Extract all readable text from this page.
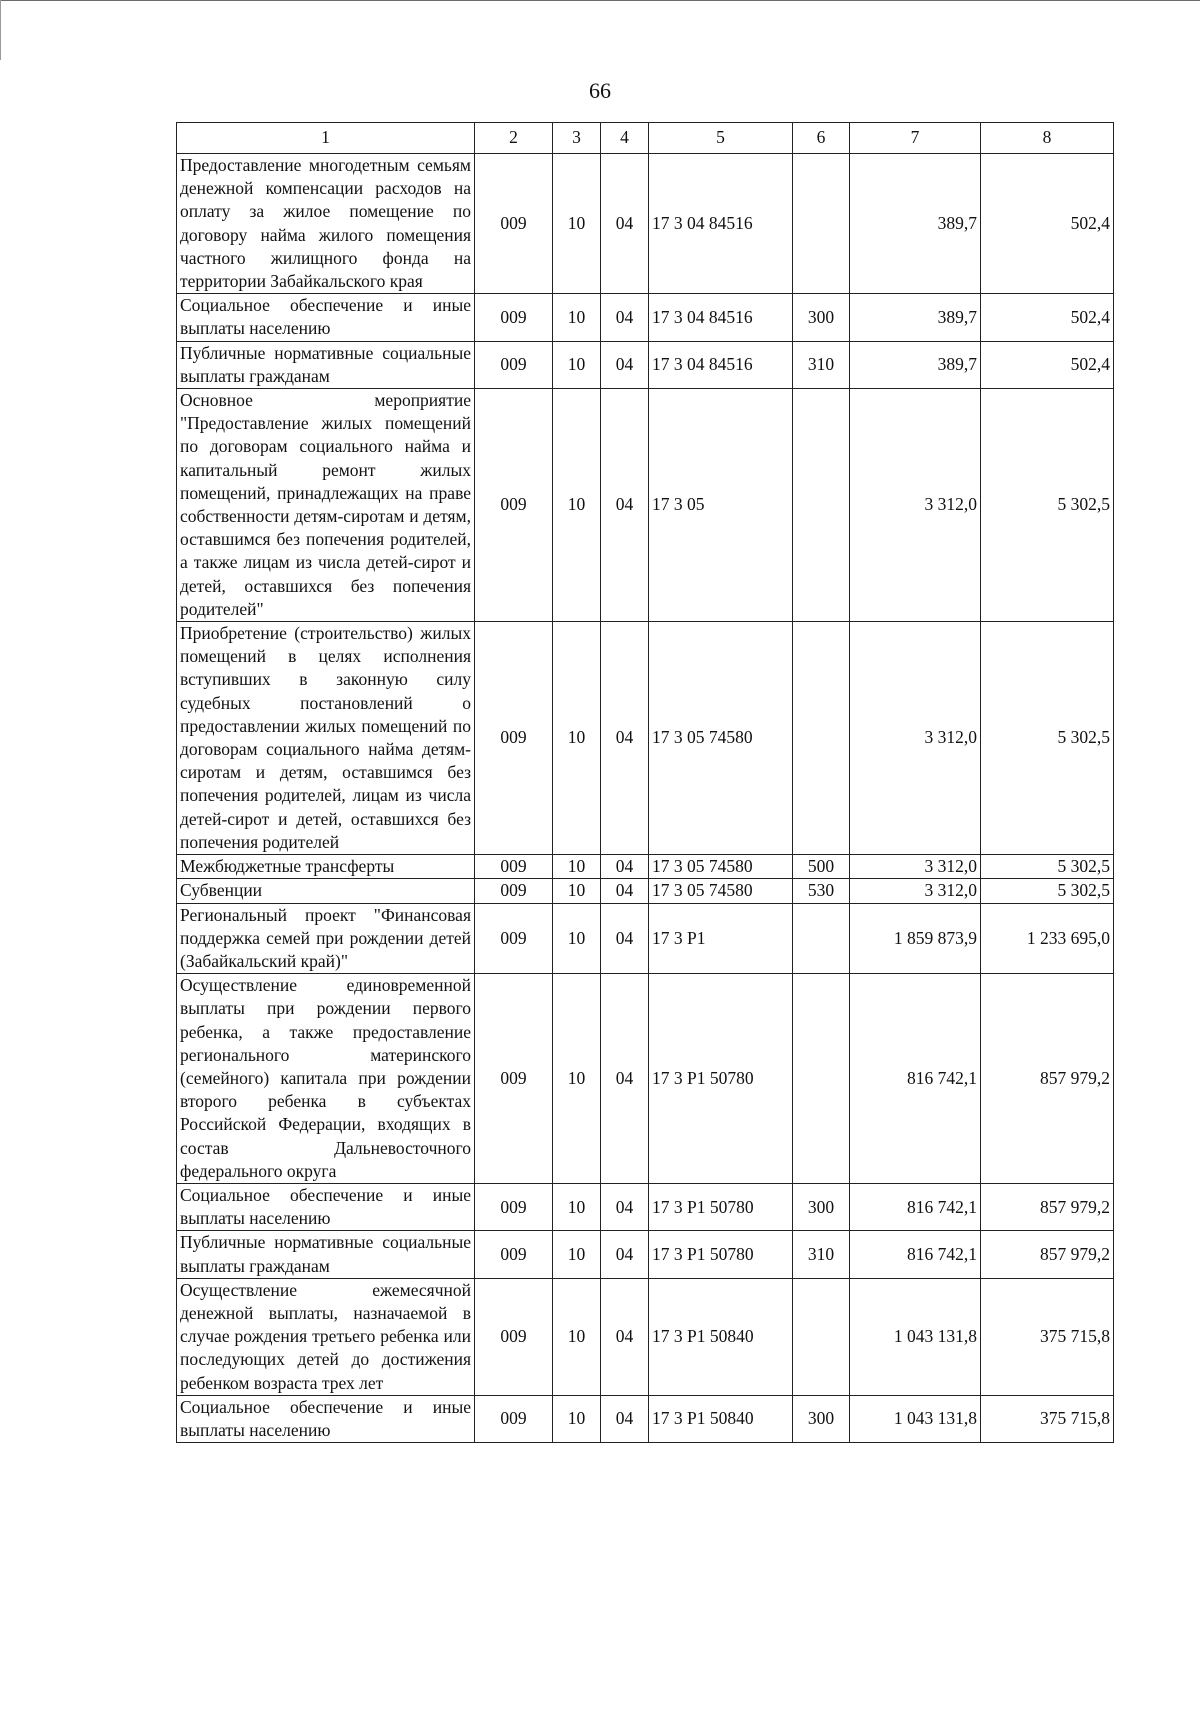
66
1	2	3	4	5	6	7	8
Предоставление многодетным семьям денежной компенсации расходов на оплату за жилое помещение по договору найма жилого помещения частного жилищного фонда на территории Забайкальского края	009	10	04	17 3 04 84516		389,7	502,4
Социальное обеспечение и иные выплаты населению	009	10	04	17 3 04 84516	300	389,7	502,4
Публичные нормативные социальные выплаты гражданам	009	10	04	17 3 04 84516	310	389,7	502,4
Основное мероприятие "Предоставление жилых помещений по договорам социального найма и капитальный ремонт жилых помещений, принадлежащих на праве собственности детям-сиротам и детям, оставшимся без попечения родителей, а также лицам из числа детей-сирот и детей, оставшихся без попечения родителей"	009	10	04	17 3 05		3 312,0	5 302,5
Приобретение (строительство) жилых помещений в целях исполнения вступивших в законную силу судебных постановлений о предоставлении жилых помещений по договорам социального найма детям-сиротам и детям, оставшимся без попечения родителей, лицам из числа детей-сирот и детей, оставшихся без попечения родителей	009	10	04	17 3 05 74580		3 312,0	5 302,5
Межбюджетные трансферты	009	10	04	17 3 05 74580	500	3 312,0	5 302,5
Субвенции	009	10	04	17 3 05 74580	530	3 312,0	5 302,5
Региональный проект "Финансовая поддержка семей при рождении детей (Забайкальский край)"	009	10	04	17 3 P1		1 859 873,9	1 233 695,0
Осуществление единовременной выплаты при рождении первого ребенка, а также предоставление регионального материнского (семейного) капитала при рождении второго ребенка в субъектах Российской Федерации, входящих в состав Дальневосточного федерального округа	009	10	04	17 3 P1 50780		816 742,1	857 979,2
Социальное обеспечение и иные выплаты населению	009	10	04	17 3 P1 50780	300	816 742,1	857 979,2
Публичные нормативные социальные выплаты гражданам	009	10	04	17 3 P1 50780	310	816 742,1	857 979,2
Осуществление ежемесячной денежной выплаты, назначаемой в случае рождения третьего ребенка или последующих детей до достижения ребенком возраста трех лет	009	10	04	17 3 P1 50840		1 043 131,8	375 715,8
Социальное обеспечение и иные выплаты населению	009	10	04	17 3 P1 50840	300	1 043 131,8	375 715,8
